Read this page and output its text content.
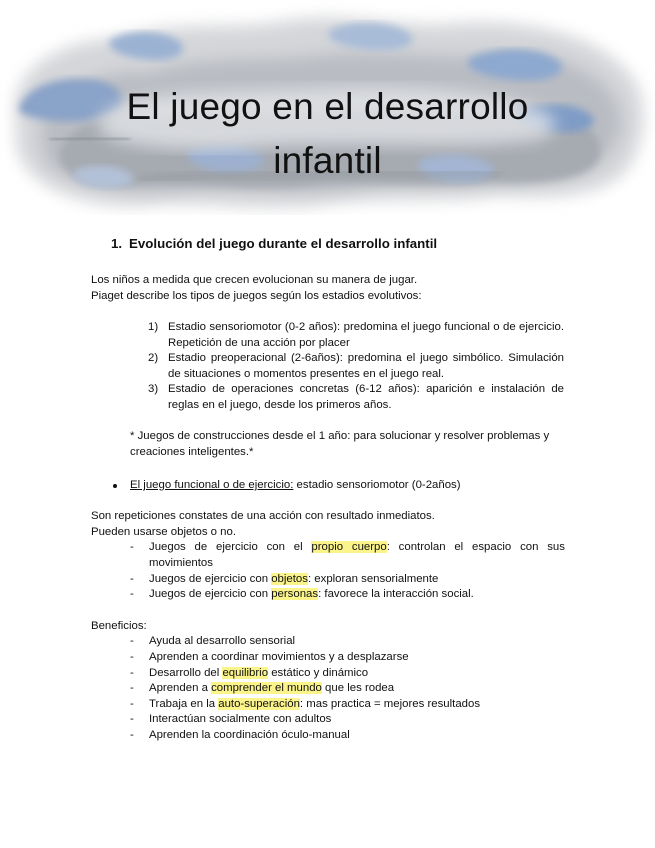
El juego en el desarrollo infantil
1. Evolución del juego durante el desarrollo infantil
Los niños a medida que crecen evolucionan su manera de jugar.
Piaget describe los tipos de juegos según los estadios evolutivos:
1) Estadio sensoriomotor (0-2 años): predomina el juego funcional o de ejercicio. Repetición de una acción por placer
2) Estadio preoperacional (2-6años): predomina el juego simbólico. Simulación de situaciones o momentos presentes en el juego real.
3) Estadio de operaciones concretas (6-12 años): aparición e instalación de reglas en el juego, desde los primeros años.
* Juegos de construcciones desde el 1 año: para solucionar y resolver problemas y creaciones inteligentes.*
El juego funcional o de ejercicio: estadio sensoriomotor (0-2años)
Son repeticiones constates de una acción con resultado inmediatos.
Pueden usarse objetos o no.
- Juegos de ejercicio con el propio cuerpo: controlan el espacio con sus movimientos
- Juegos de ejercicio con objetos: exploran sensorialmente
- Juegos de ejercicio con personas: favorece la interacción social.
Beneficios:
- Ayuda al desarrollo sensorial
- Aprenden a coordinar movimientos y a desplazarse
- Desarrollo del equilibrio estático y dinámico
- Aprenden a comprender el mundo que les rodea
- Trabaja en la auto-superación: mas practica = mejores resultados
- Interactúan socialmente con adultos
- Aprenden la coordinación óculo-manual
